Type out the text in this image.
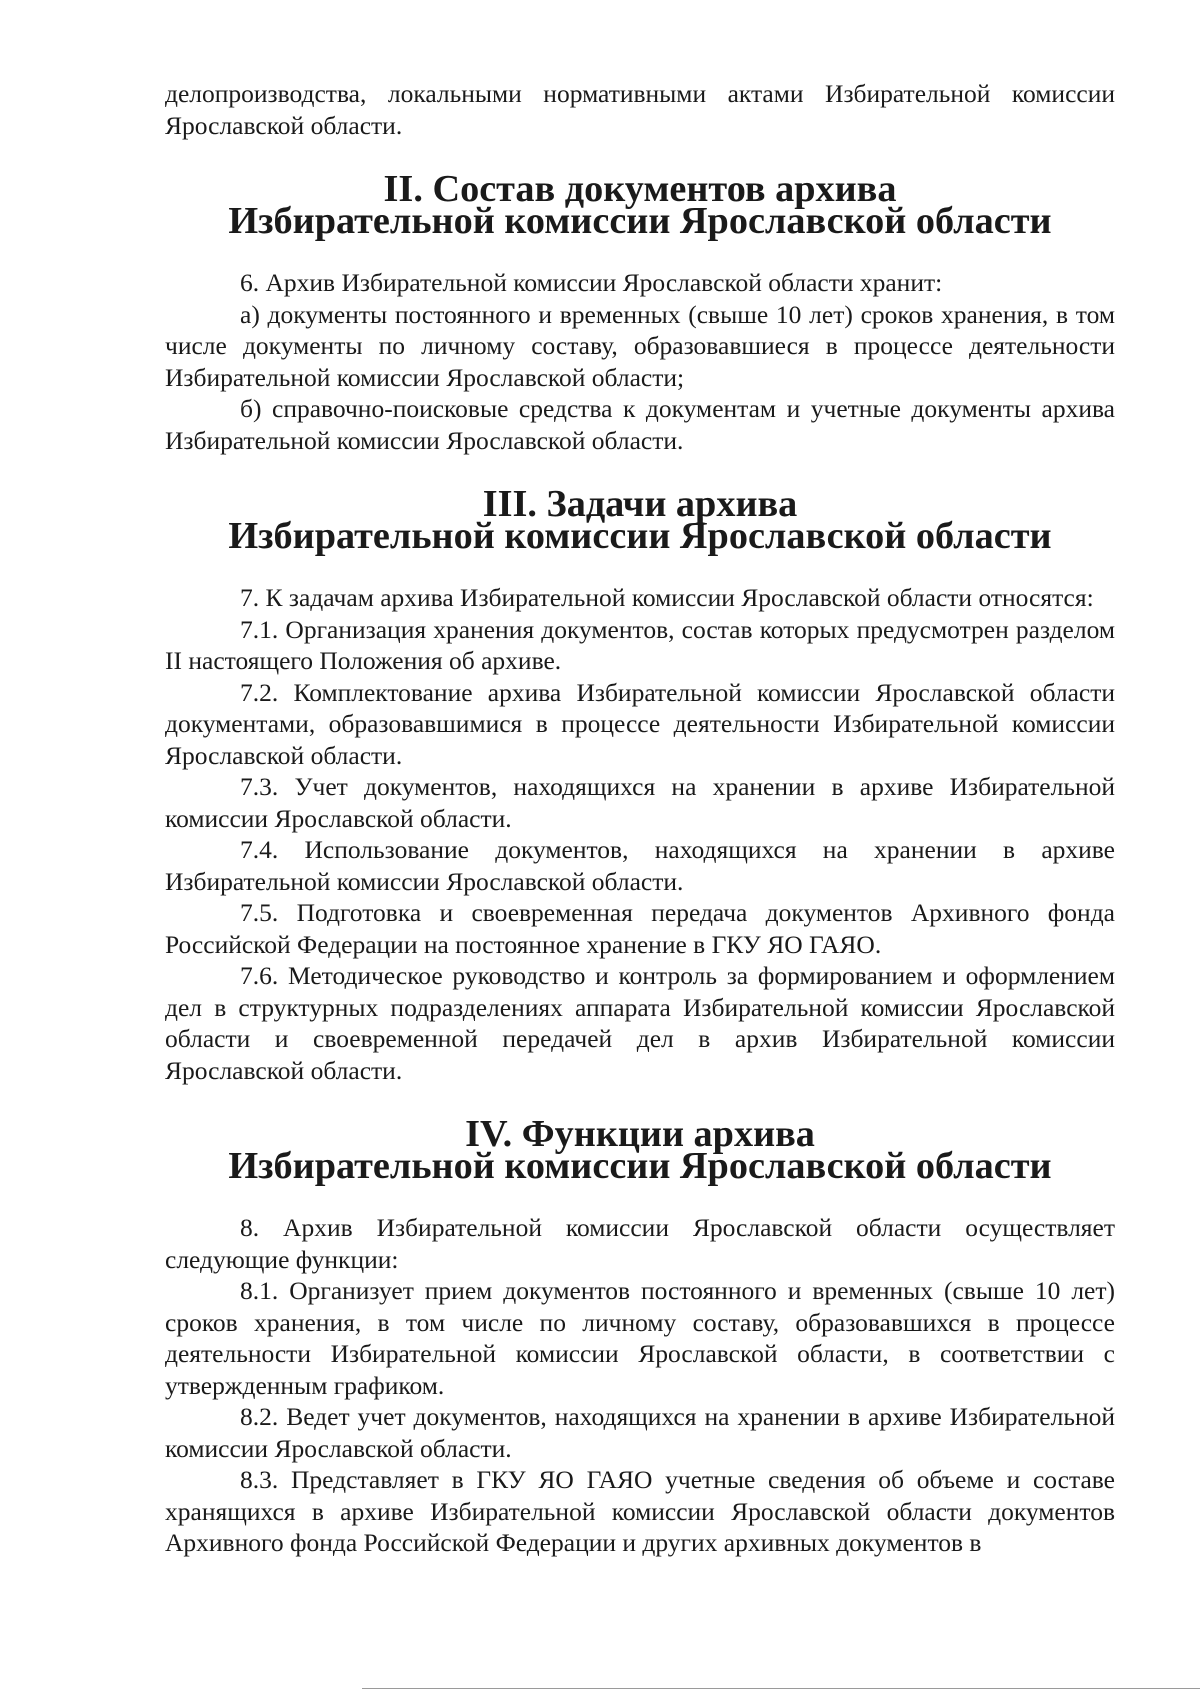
делопроизводства, локальными нормативными актами Избирательной комиссии Ярославской области.

II. Состав документов архива
Избирательной комиссии Ярославской области

6. Архив Избирательной комиссии Ярославской области хранит:

а) документы постоянного и временных (свыше 10 лет) сроков хранения, в том числе документы по личному составу, образовавшиеся в процессе деятельности Избирательной комиссии Ярославской области;

б) справочно-поисковые средства к документам и учетные документы архива Избирательной комиссии Ярославской области.

III. Задачи архива
Избирательной комиссии Ярославской области

7. К задачам архива Избирательной комиссии Ярославской области относятся:

7.1. Организация хранения документов, состав которых предусмотрен разделом II настоящего Положения об архиве.

7.2. Комплектование архива Избирательной комиссии Ярославской области документами, образовавшимися в процессе деятельности Избирательной комиссии Ярославской области.

7.3. Учет документов, находящихся на хранении в архиве Избирательной комиссии Ярославской области.

7.4. Использование документов, находящихся на хранении в архиве Избирательной комиссии Ярославской области.

7.5. Подготовка и своевременная передача документов Архивного фонда Российской Федерации на постоянное хранение в ГКУ ЯО ГАЯО.

7.6. Методическое руководство и контроль за формированием и оформлением дел в структурных подразделениях аппарата Избирательной комиссии Ярославской области и своевременной передачей дел в архив Избирательной комиссии Ярославской области.

IV. Функции архива
Избирательной комиссии Ярославской области

8. Архив Избирательной комиссии Ярославской области осуществляет следующие функции:

8.1. Организует прием документов постоянного и временных (свыше 10 лет) сроков хранения, в том числе по личному составу, образовавшихся в процессе деятельности Избирательной комиссии Ярославской области, в соответствии с утвержденным графиком.

8.2. Ведет учет документов, находящихся на хранении в архиве Избирательной комиссии Ярославской области.

8.3. Представляет в ГКУ ЯО ГАЯО учетные сведения об объеме и составе хранящихся в архиве Избирательной комиссии Ярославской области документов Архивного фонда Российской Федерации и других архивных документов в
